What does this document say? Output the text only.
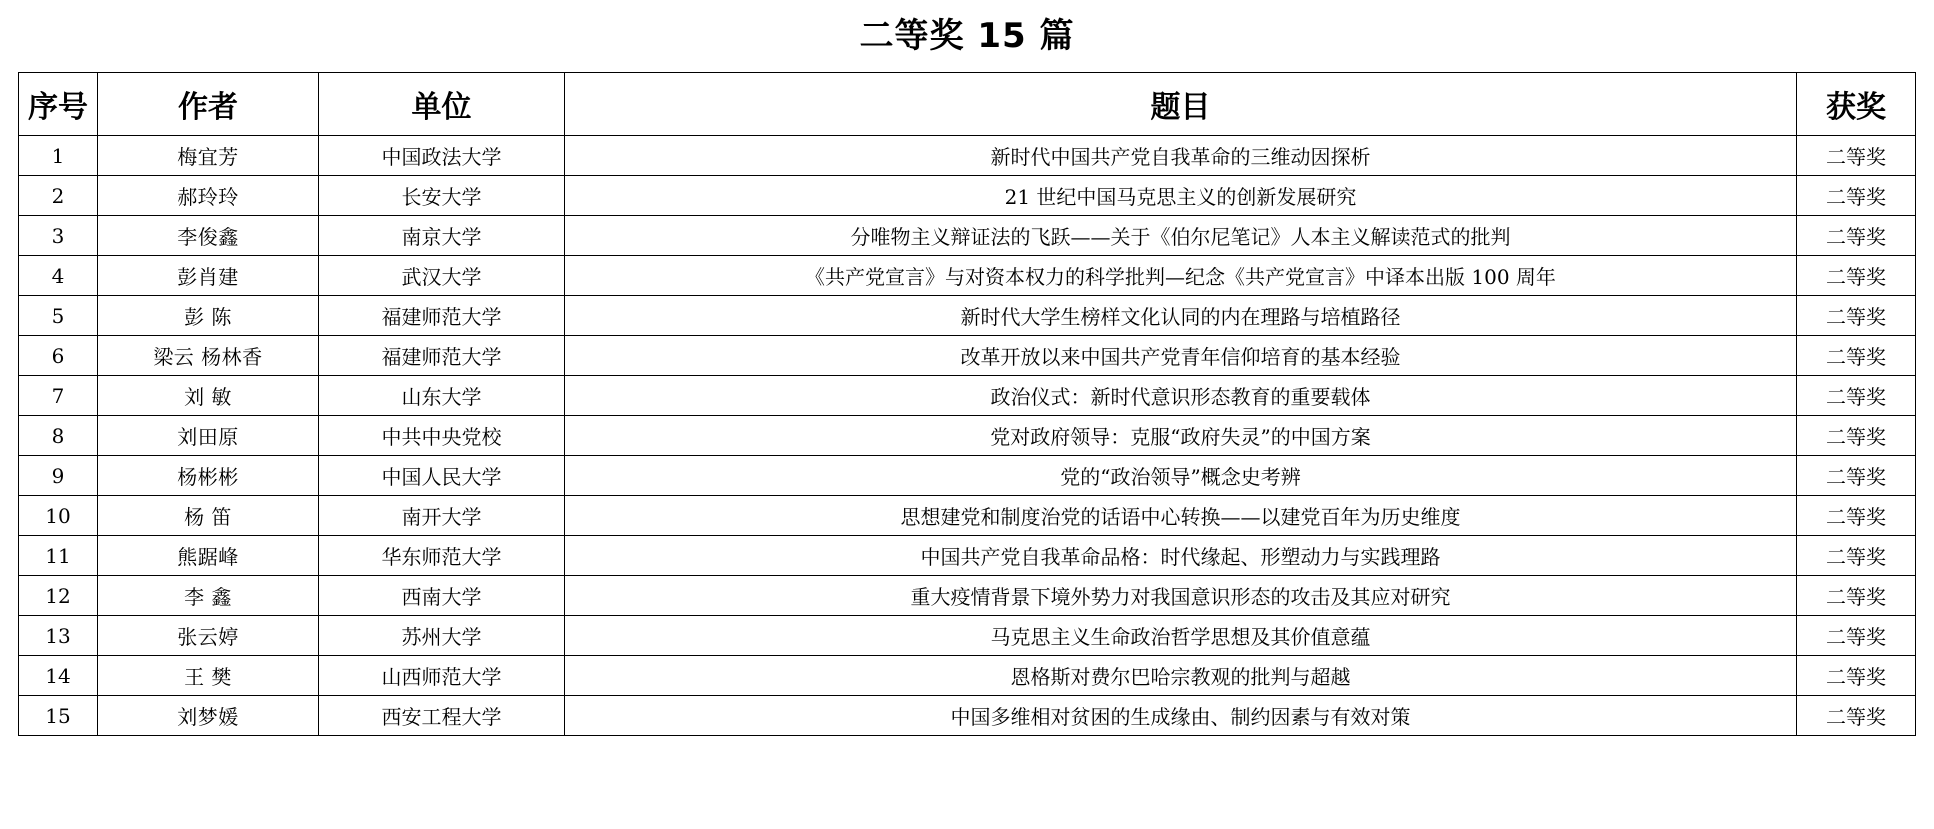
二等奖 15 篇
序号	作者	单位	题目	获奖
1	梅宜芳	中国政法大学	新时代中国共产党自我革命的三维动因探析	二等奖
2	郝玲玲	长安大学	21 世纪中国马克思主义的创新发展研究	二等奖
3	李俊鑫	南京大学	分唯物主义辩证法的飞跃——关于《伯尔尼笔记》人本主义解读范式的批判	二等奖
4	彭肖建	武汉大学	《共产党宣言》与对资本权力的科学批判—纪念《共产党宣言》中译本出版 100 周年	二等奖
5	彭 陈	福建师范大学	新时代大学生榜样文化认同的内在理路与培植路径	二等奖
6	梁云 杨林香	福建师范大学	改革开放以来中国共产党青年信仰培育的基本经验	二等奖
7	刘 敏	山东大学	政治仪式：新时代意识形态教育的重要载体	二等奖
8	刘田原	中共中央党校	党对政府领导：克服“政府失灵”的中国方案	二等奖
9	杨彬彬	中国人民大学	党的“政治领导”概念史考辨	二等奖
10	杨 笛	南开大学	思想建党和制度治党的话语中心转换——以建党百年为历史维度	二等奖
11	熊踞峰	华东师范大学	中国共产党自我革命品格：时代缘起、形塑动力与实践理路	二等奖
12	李 鑫	西南大学	重大疫情背景下境外势力对我国意识形态的攻击及其应对研究	二等奖
13	张云婷	苏州大学	马克思主义生命政治哲学思想及其价值意蕴	二等奖
14	王 樊	山西师范大学	恩格斯对费尔巴哈宗教观的批判与超越	二等奖
15	刘梦媛	西安工程大学	中国多维相对贫困的生成缘由、制约因素与有效对策	二等奖
